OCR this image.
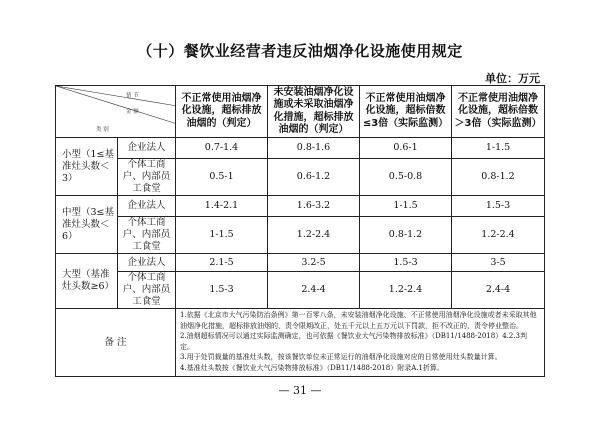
（十）餐饮业经营者违反油烟净化设施使用规定
单位：万元
情 节
金 额
类 别		不正常使用油烟净化设施，超标排放油烟的（判定）	未安装油烟净化设施或未采取油烟净化措施，超标排放油烟的（判定）	不正常使用油烟净化设施，超标倍数≤3倍（实际监测）	不正常使用油烟净化设施，超标倍数＞3倍（实际监测）
小型（1≤基准灶头数＜3）	企业法人	0.7-1.4	0.8-1.6	0.6-1	1-1.5
	个体工商户、内部员工食堂	0.5-1	0.6-1.2	0.5-0.8	0.8-1.2
中型（3≤基准灶头数＜6）	企业法人	1.4-2.1	1.6-3.2	1-1.5	1.5-3
	个体工商户、内部员工食堂	1-1.5	1.2-2.4	0.8-1.2	1.2-2.4
大型（基准灶头数≥6）	企业法人	2.1-5	3.2-5	1.5-3	3-5
	个体工商户、内部员工食堂	1.5-3	2.4-4	1.2-2.4	2.4-4
备 注		1.依据《北京市大气污染防治条例》第一百零八条，未安装油烟净化设施、不正常使用油烟净化设施或者未采取其他油烟净化措施，超标排放油烟的，责令限期改正，处五千元以上五万元以下罚款，拒不改正的，责令停业整治。
2.油烟超标情况可以通过实际监测确定，也可依据《餐饮业大气污染物排放标准》（DB11/1488-2018）4.2.3判定。
3.用于处罚裁量的基准灶头数，按该餐饮单位未正常运行的油烟净化设施对应的日常使用灶头数量计算。
4.基准灶头数按《餐饮业大气污染物排放标准》（DB11/1488-2018）附录A.1折算。			
— 31 —
